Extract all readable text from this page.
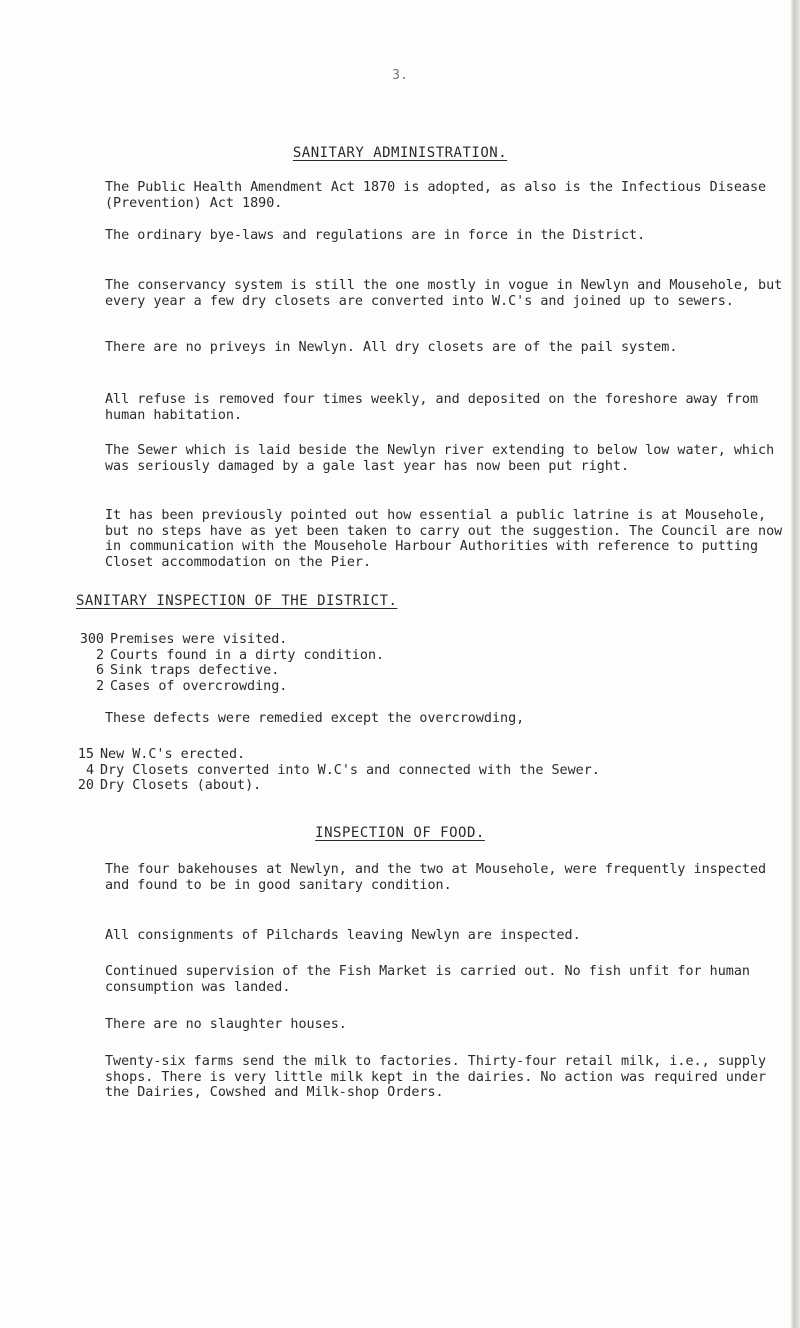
3.
SANITARY ADMINISTRATION.

The Public Health Amendment Act 1870 is adopted, as also is the Infectious Disease (Prevention) Act 1890.

The ordinary bye-laws and regulations are in force in the District.

The conservancy system is still the one mostly in vogue in Newlyn and Mousehole, but every year a few dry closets are converted into W.C's and joined up to sewers.

There are no priveys in Newlyn. All dry closets are of the pail system.

All refuse is removed four times weekly, and deposited on the foreshore away from human habitation.

The Sewer which is laid beside the Newlyn river extending to below low water, which was seriously damaged by a gale last year has now been put right.

It has been previously pointed out how essential a public latrine is at Mousehole, but no steps have as yet been taken to carry out the suggestion. The Council are now in communication with the Mousehole Harbour Authorities with reference to putting Closet accommodation on the Pier.

SANITARY INSPECTION OF THE DISTRICT.
300 Premises were visited.
2 Courts found in a dirty condition.
6 Sink traps defective.
2 Cases of overcrowding.

These defects were remedied except the overcrowding,

15 New W.C's erected.
4 Dry Closets converted into W.C's and connected with the Sewer.
20 Dry Closets (about).
INSPECTION OF FOOD.

The four bakehouses at Newlyn, and the two at Mousehole, were frequently inspected and found to be in good sanitary condition.

All consignments of Pilchards leaving Newlyn are inspected.

Continued supervision of the Fish Market is carried out. No fish unfit for human consumption was landed.

There are no slaughter houses.

Twenty-six farms send the milk to factories. Thirty-four retail milk, i.e., supply shops. There is very little milk kept in the dairies. No action was required under the Dairies, Cowshed and Milk-shop Orders.
